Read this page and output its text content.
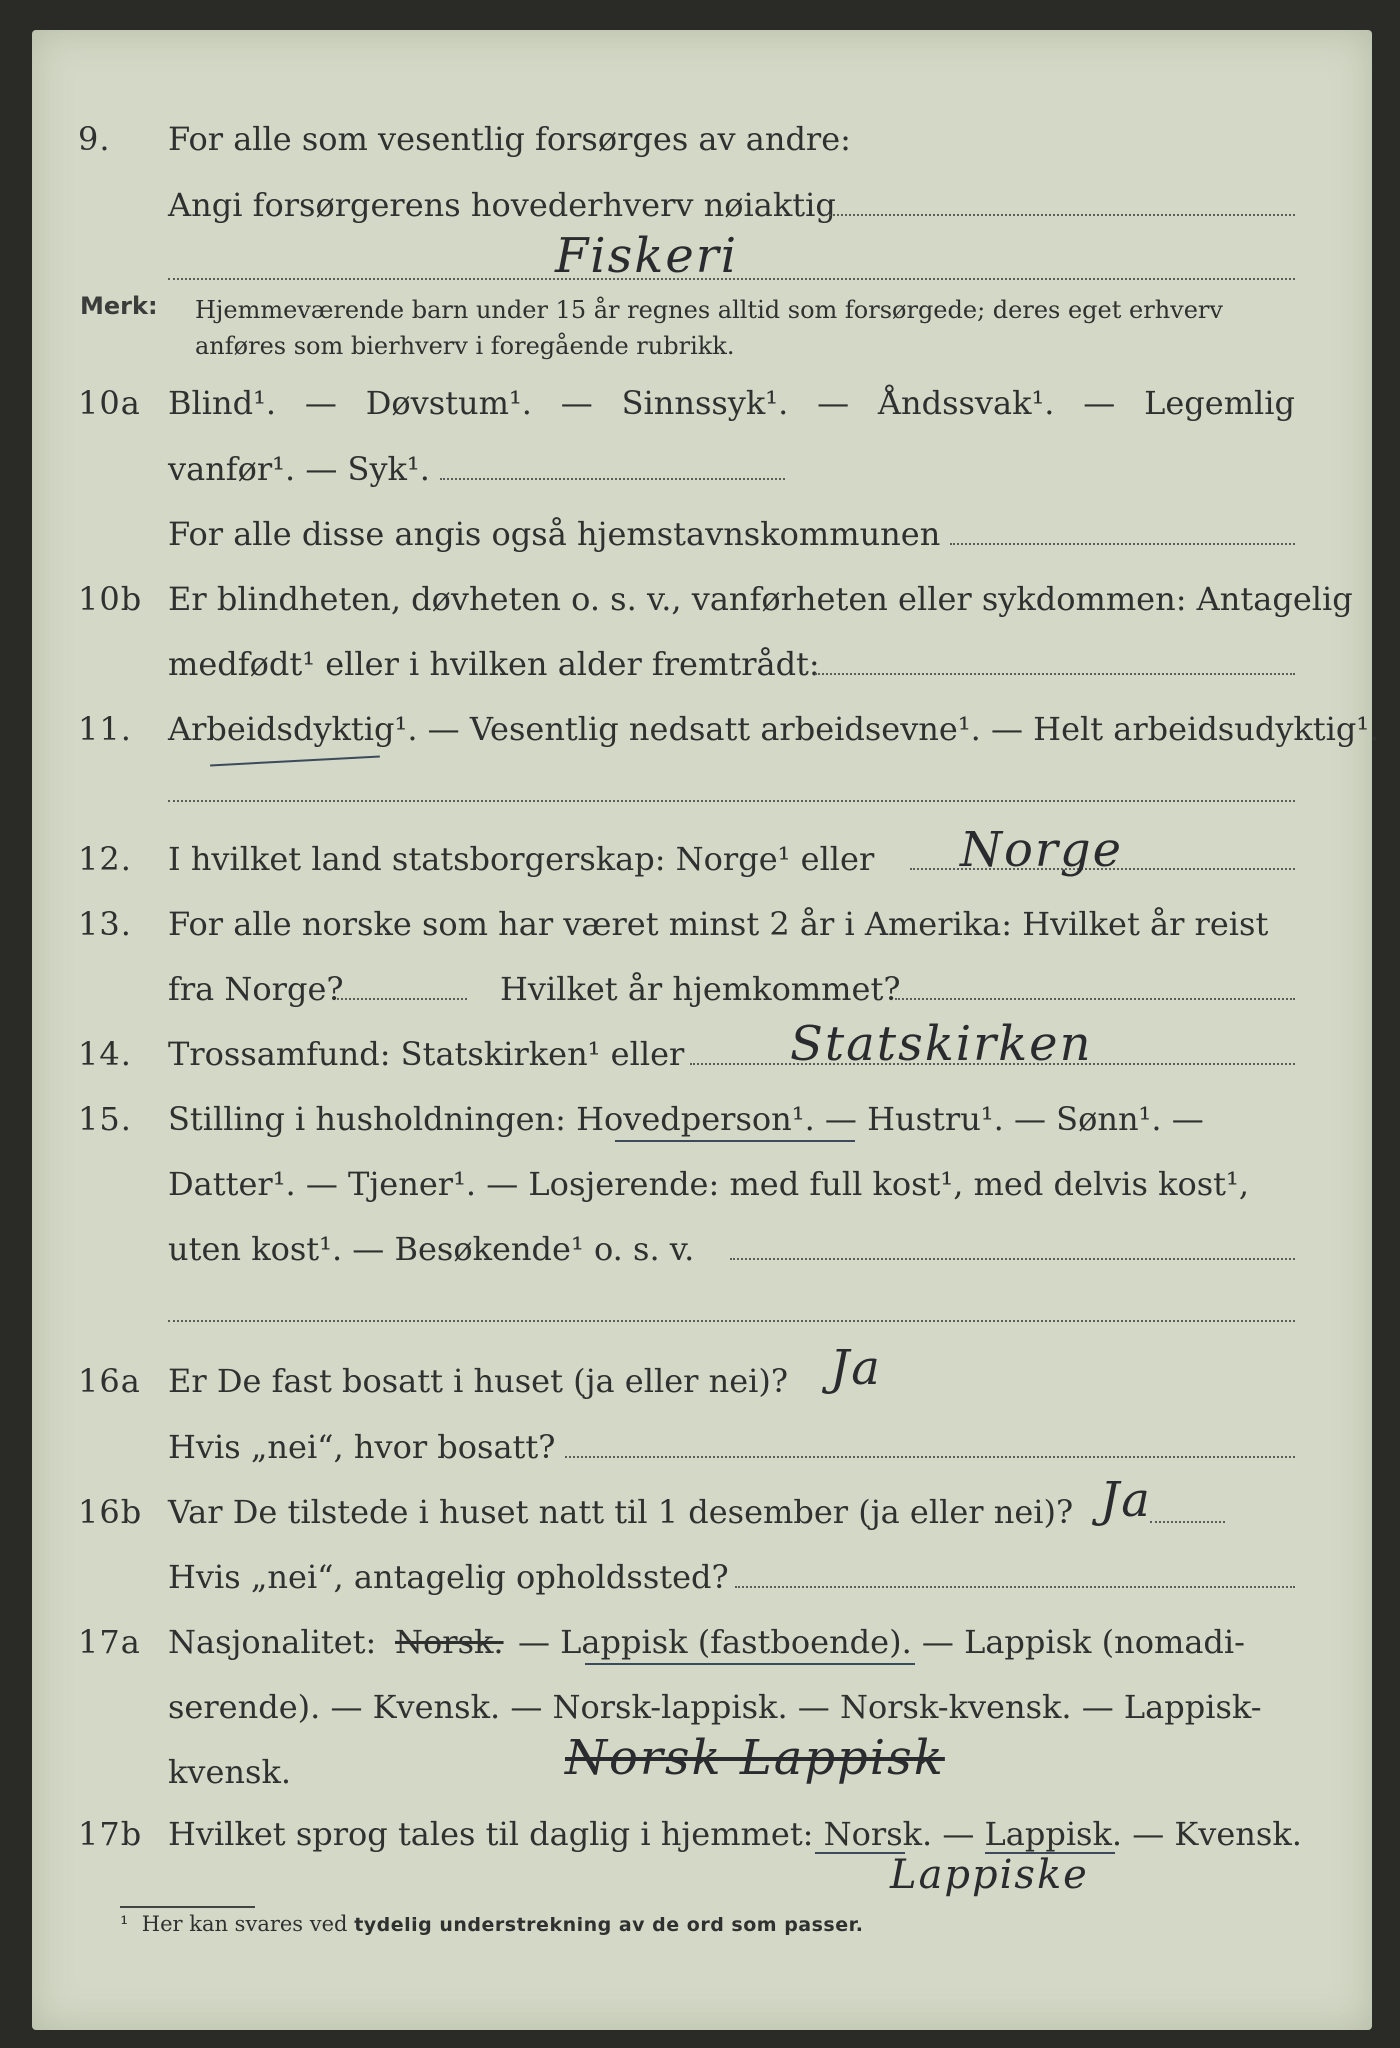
9. For alle som vesentlig forsørges av andre:
Angi forsørgerens hovederhverv nøiaktig
Fiskeri
Merk: Hjemmeværende barn under 15 år regnes alltid som forsørgede; deres eget erhverv anføres som bierhverv i foregående rubrikk.
10a Blind¹. — Døvstum¹. — Sinnssyk¹. — Åndssvak¹. — Legemlig
vanfør¹. — Syk¹.
For alle disse angis også hjemstavnskommunen
10b Er blindheten, døvheten o. s. v., vanførheten eller sykdommen: Antagelig
medfødt¹ eller i hvilken alder fremtrådt:
11. Arbeidsdyktig¹. — Vesentlig nedsatt arbeidsevne¹. — Helt arbeidsudyktig¹.
12. I hvilket land statsborgerskap: Norge¹ eller Norge
13. For alle norske som har været minst 2 år i Amerika: Hvilket år reist
fra Norge?	Hvilket år hjemkommet?
14. Trossamfund: Statskirken¹ eller Statskirken
15. Stilling i husholdningen: Hovedperson¹. — Hustru¹. — Sønn¹. —
Datter¹. — Tjener¹. — Losjerende: med full kost¹, med delvis kost¹,
uten kost¹. — Besøkende¹ o. s. v.
16a Er De fast bosatt i huset (ja eller nei)? Ja
Hvis „nei“, hvor bosatt?
16b Var De tilstede i huset natt til 1 desember (ja eller nei)? Ja
Hvis „nei“, antagelig opholdssted?
17a Nasjonalitet: Norsk. — Lappisk (fastboende). — Lappisk (nomadi-
serende). — Kvensk. — Norsk-lappisk. — Norsk-kvensk. — Lappisk-
kvensk.	Norsk Lappisk
17b Hvilket sprog tales til daglig i hjemmet: Norsk. — Lappisk. — Kvensk.
Lappiske
¹ Her kan svares ved tydelig understrekning av de ord som passer.
